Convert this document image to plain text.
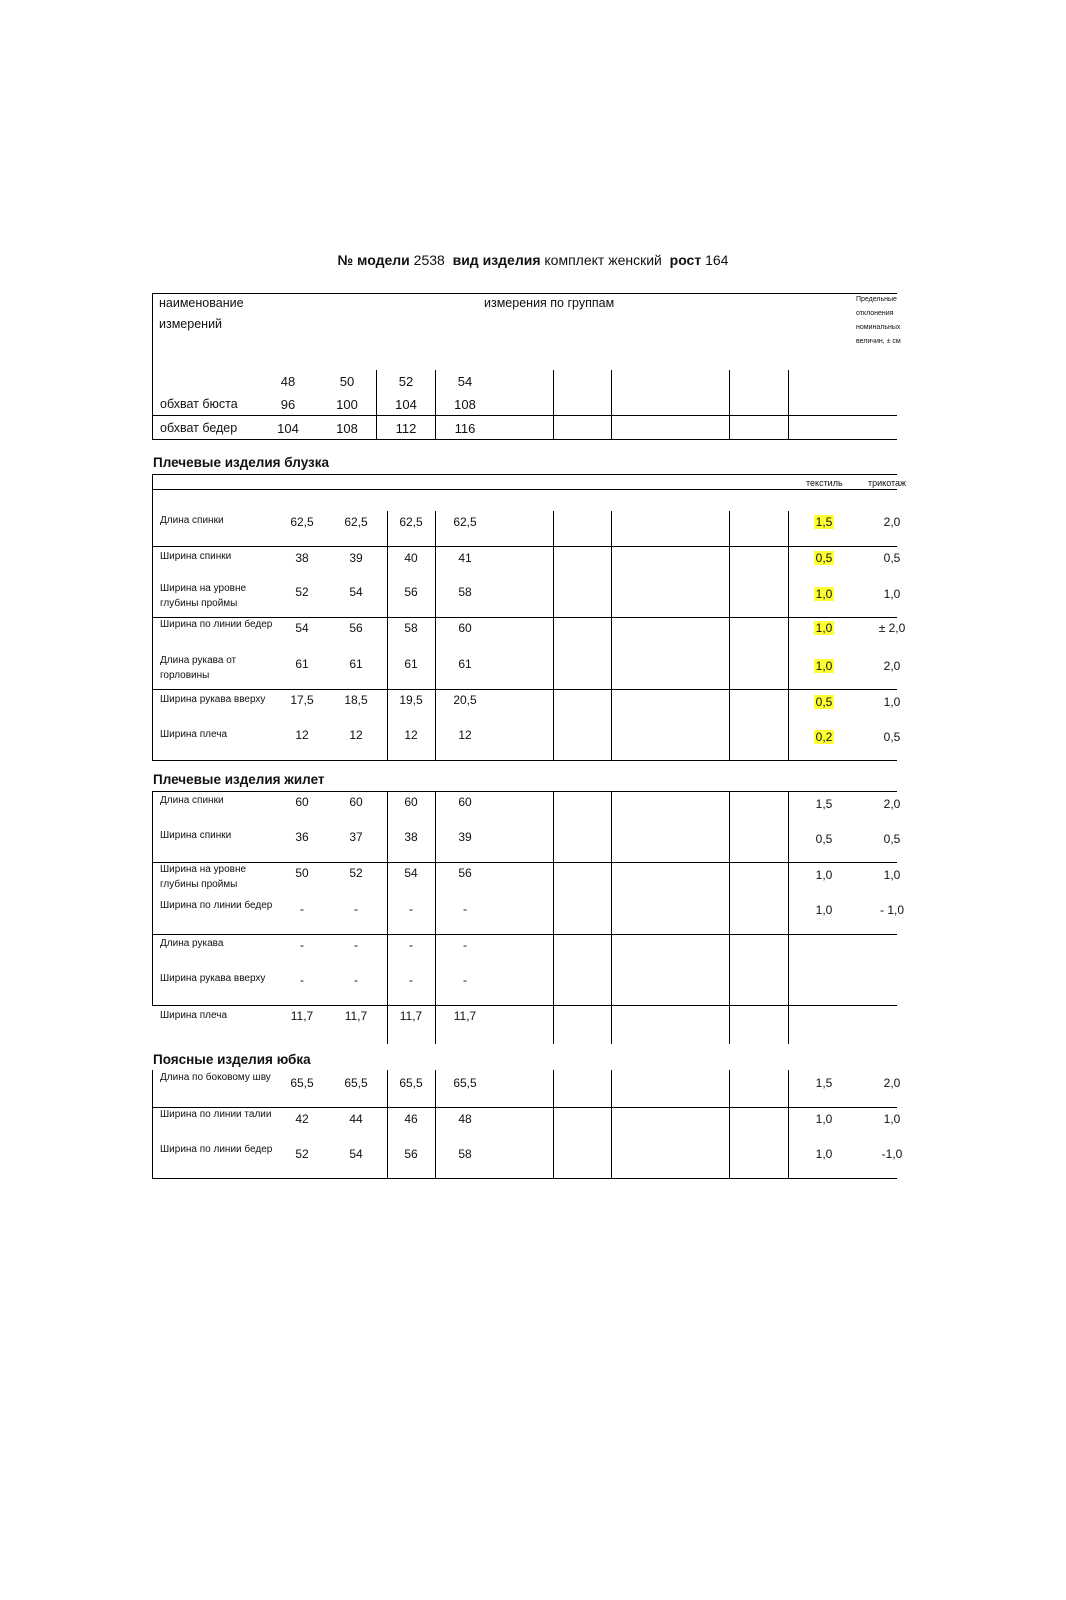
№ модели 2538 вид изделия комплект женский рост 164
наименование
измерений
измерения по группам	Предельные
отклонения
номинальных
величин, ± см
48	50	52	54
обхват бюста	96	100	104	108
обхват бедер	104	108	112	116
Плечевые изделия блузка
текстиль	трикотаж
Длина спинки	62,5	62,5	62,5	62,5	1,5	2,0
Ширина спинки	38	39	40	41	0,5	0,5
Ширина на уровне глубины проймы
52	54	56	58	1,0	1,0
Ширина по линии бедер	54	56	58	60	1,0	± 2,0
Длина рукава от горловины
61	61	61	61	1,0	2,0
Ширина рукава вверху	17,5	18,5	19,5	20,5	0,5	1,0
Ширина плеча	12	12	12	12	0,2	0,5
Плечевые изделия жилет
Длина спинки	60	60	60	60	1,5	2,0
Ширина спинки	36	37	38	39	0,5	0,5
Ширина на уровне глубины проймы
50	52	54	56	1,0	1,0
Ширина по линии бедер	-	-	-	-	1,0	- 1,0
Длина рукава	-	-	-	-
Ширина рукава вверху	-	-	-	-
Ширина плеча	11,7	11,7	11,7	11,7
Поясные изделия юбка
Длина по боковому шву	65,5	65,5	65,5	65,5	1,5	2,0
Ширина по линии талии	42	44	46	48	1,0	1,0
Ширина по линии бедер	52	54	56	58	1,0	-1,0
